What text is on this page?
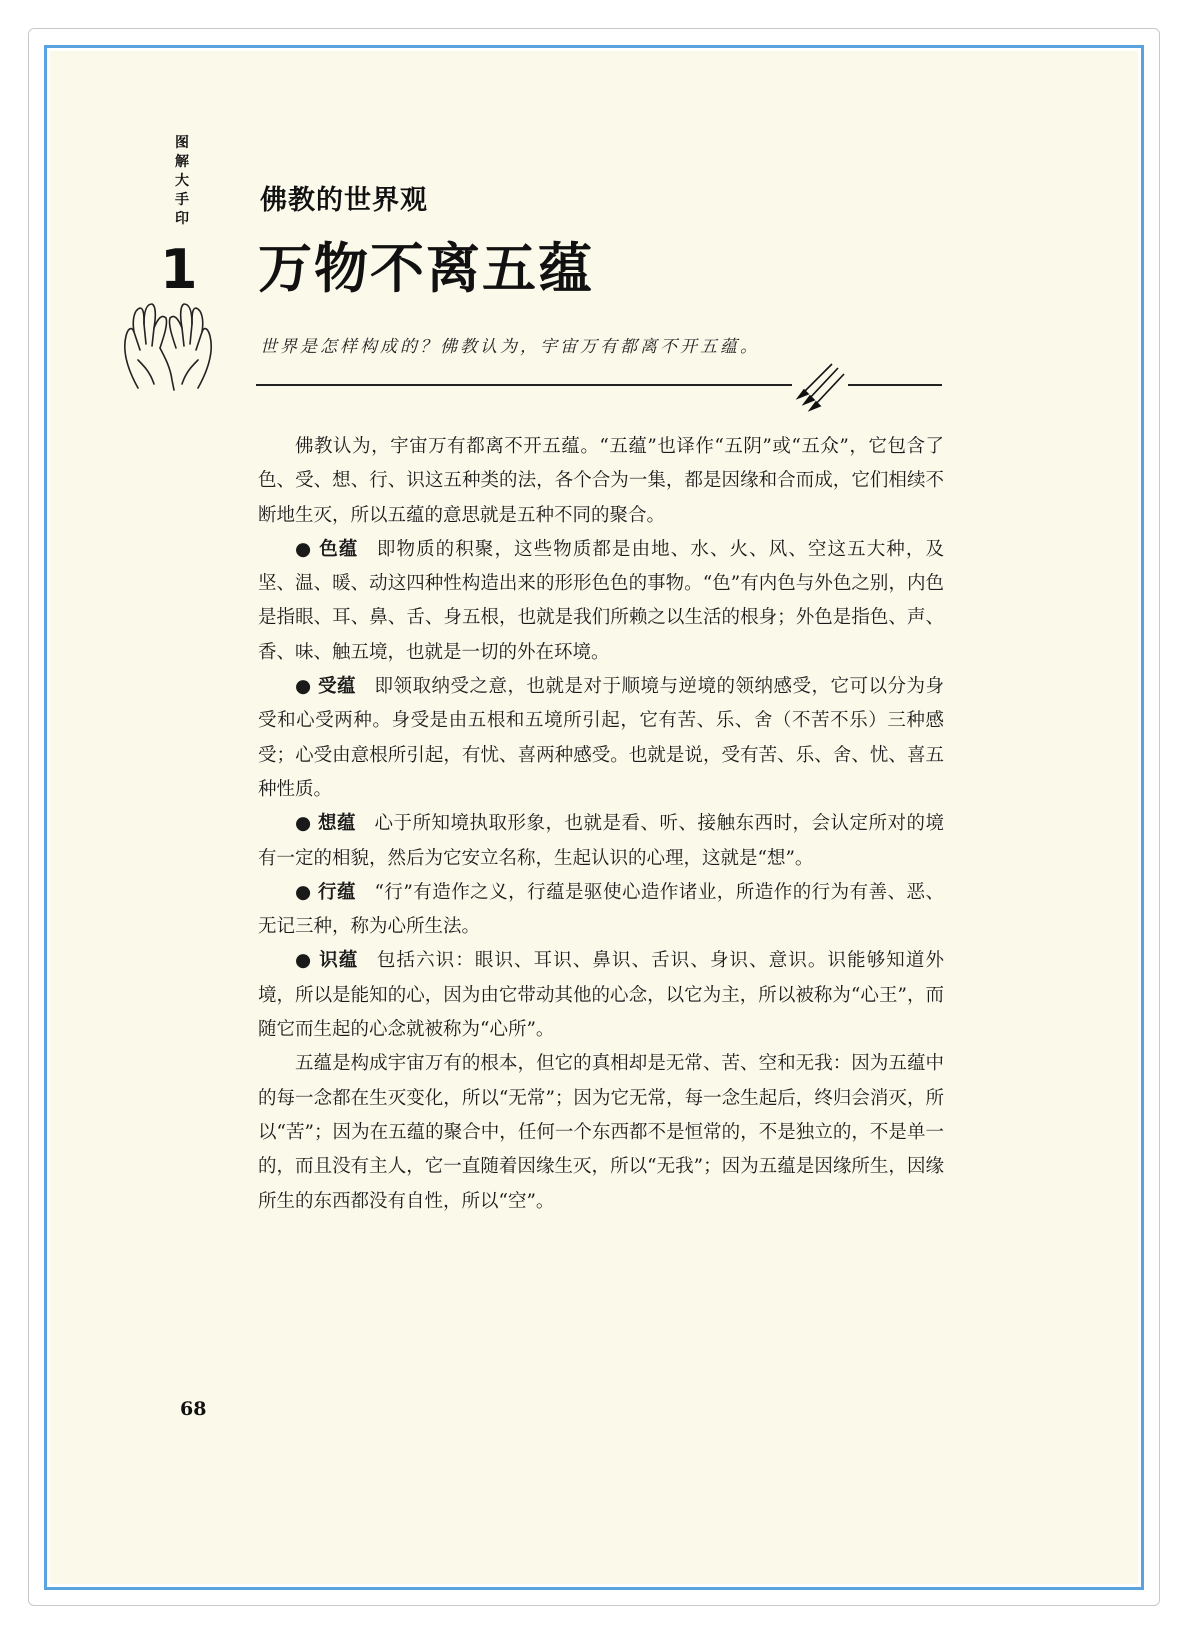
图解大手印
1
佛教的世界观
万物不离五蕴
世界是怎样构成的？佛教认为，宇宙万有都离不开五蕴。

佛教认为，宇宙万有都离不开五蕴。“五蕴”也译作“五阴”或“五众”，它包含了色、受、想、行、识这五种类的法，各个合为一集，都是因缘和合而成，它们相续不断地生灭，所以五蕴的意思就是五种不同的聚合。

● 色蕴 即物质的积聚，这些物质都是由地、水、火、风、空这五大种，及坚、温、暖、动这四种性构造出来的形形色色的事物。“色”有内色与外色之别，内色是指眼、耳、鼻、舌、身五根，也就是我们所赖之以生活的根身；外色是指色、声、香、味、触五境，也就是一切的外在环境。

● 受蕴 即领取纳受之意，也就是对于顺境与逆境的领纳感受，它可以分为身受和心受两种。身受是由五根和五境所引起，它有苦、乐、舍（不苦不乐）三种感受；心受由意根所引起，有忧、喜两种感受。也就是说，受有苦、乐、舍、忧、喜五种性质。

● 想蕴 心于所知境执取形象，也就是看、听、接触东西时，会认定所对的境有一定的相貌，然后为它安立名称，生起认识的心理，这就是“想”。

● 行蕴 “行”有造作之义，行蕴是驱使心造作诸业，所造作的行为有善、恶、无记三种，称为心所生法。

● 识蕴 包括六识：眼识、耳识、鼻识、舌识、身识、意识。识能够知道外境，所以是能知的心，因为由它带动其他的心念，以它为主，所以被称为“心王”，而随它而生起的心念就被称为“心所”。

五蕴是构成宇宙万有的根本，但它的真相却是无常、苦、空和无我：因为五蕴中的每一念都在生灭变化，所以“无常”；因为它无常，每一念生起后，终归会消灭，所以“苦”；因为在五蕴的聚合中，任何一个东西都不是恒常的，不是独立的，不是单一的，而且没有主人，它一直随着因缘生灭，所以“无我”；因为五蕴是因缘所生，因缘所生的东西都没有自性，所以“空”。

68
